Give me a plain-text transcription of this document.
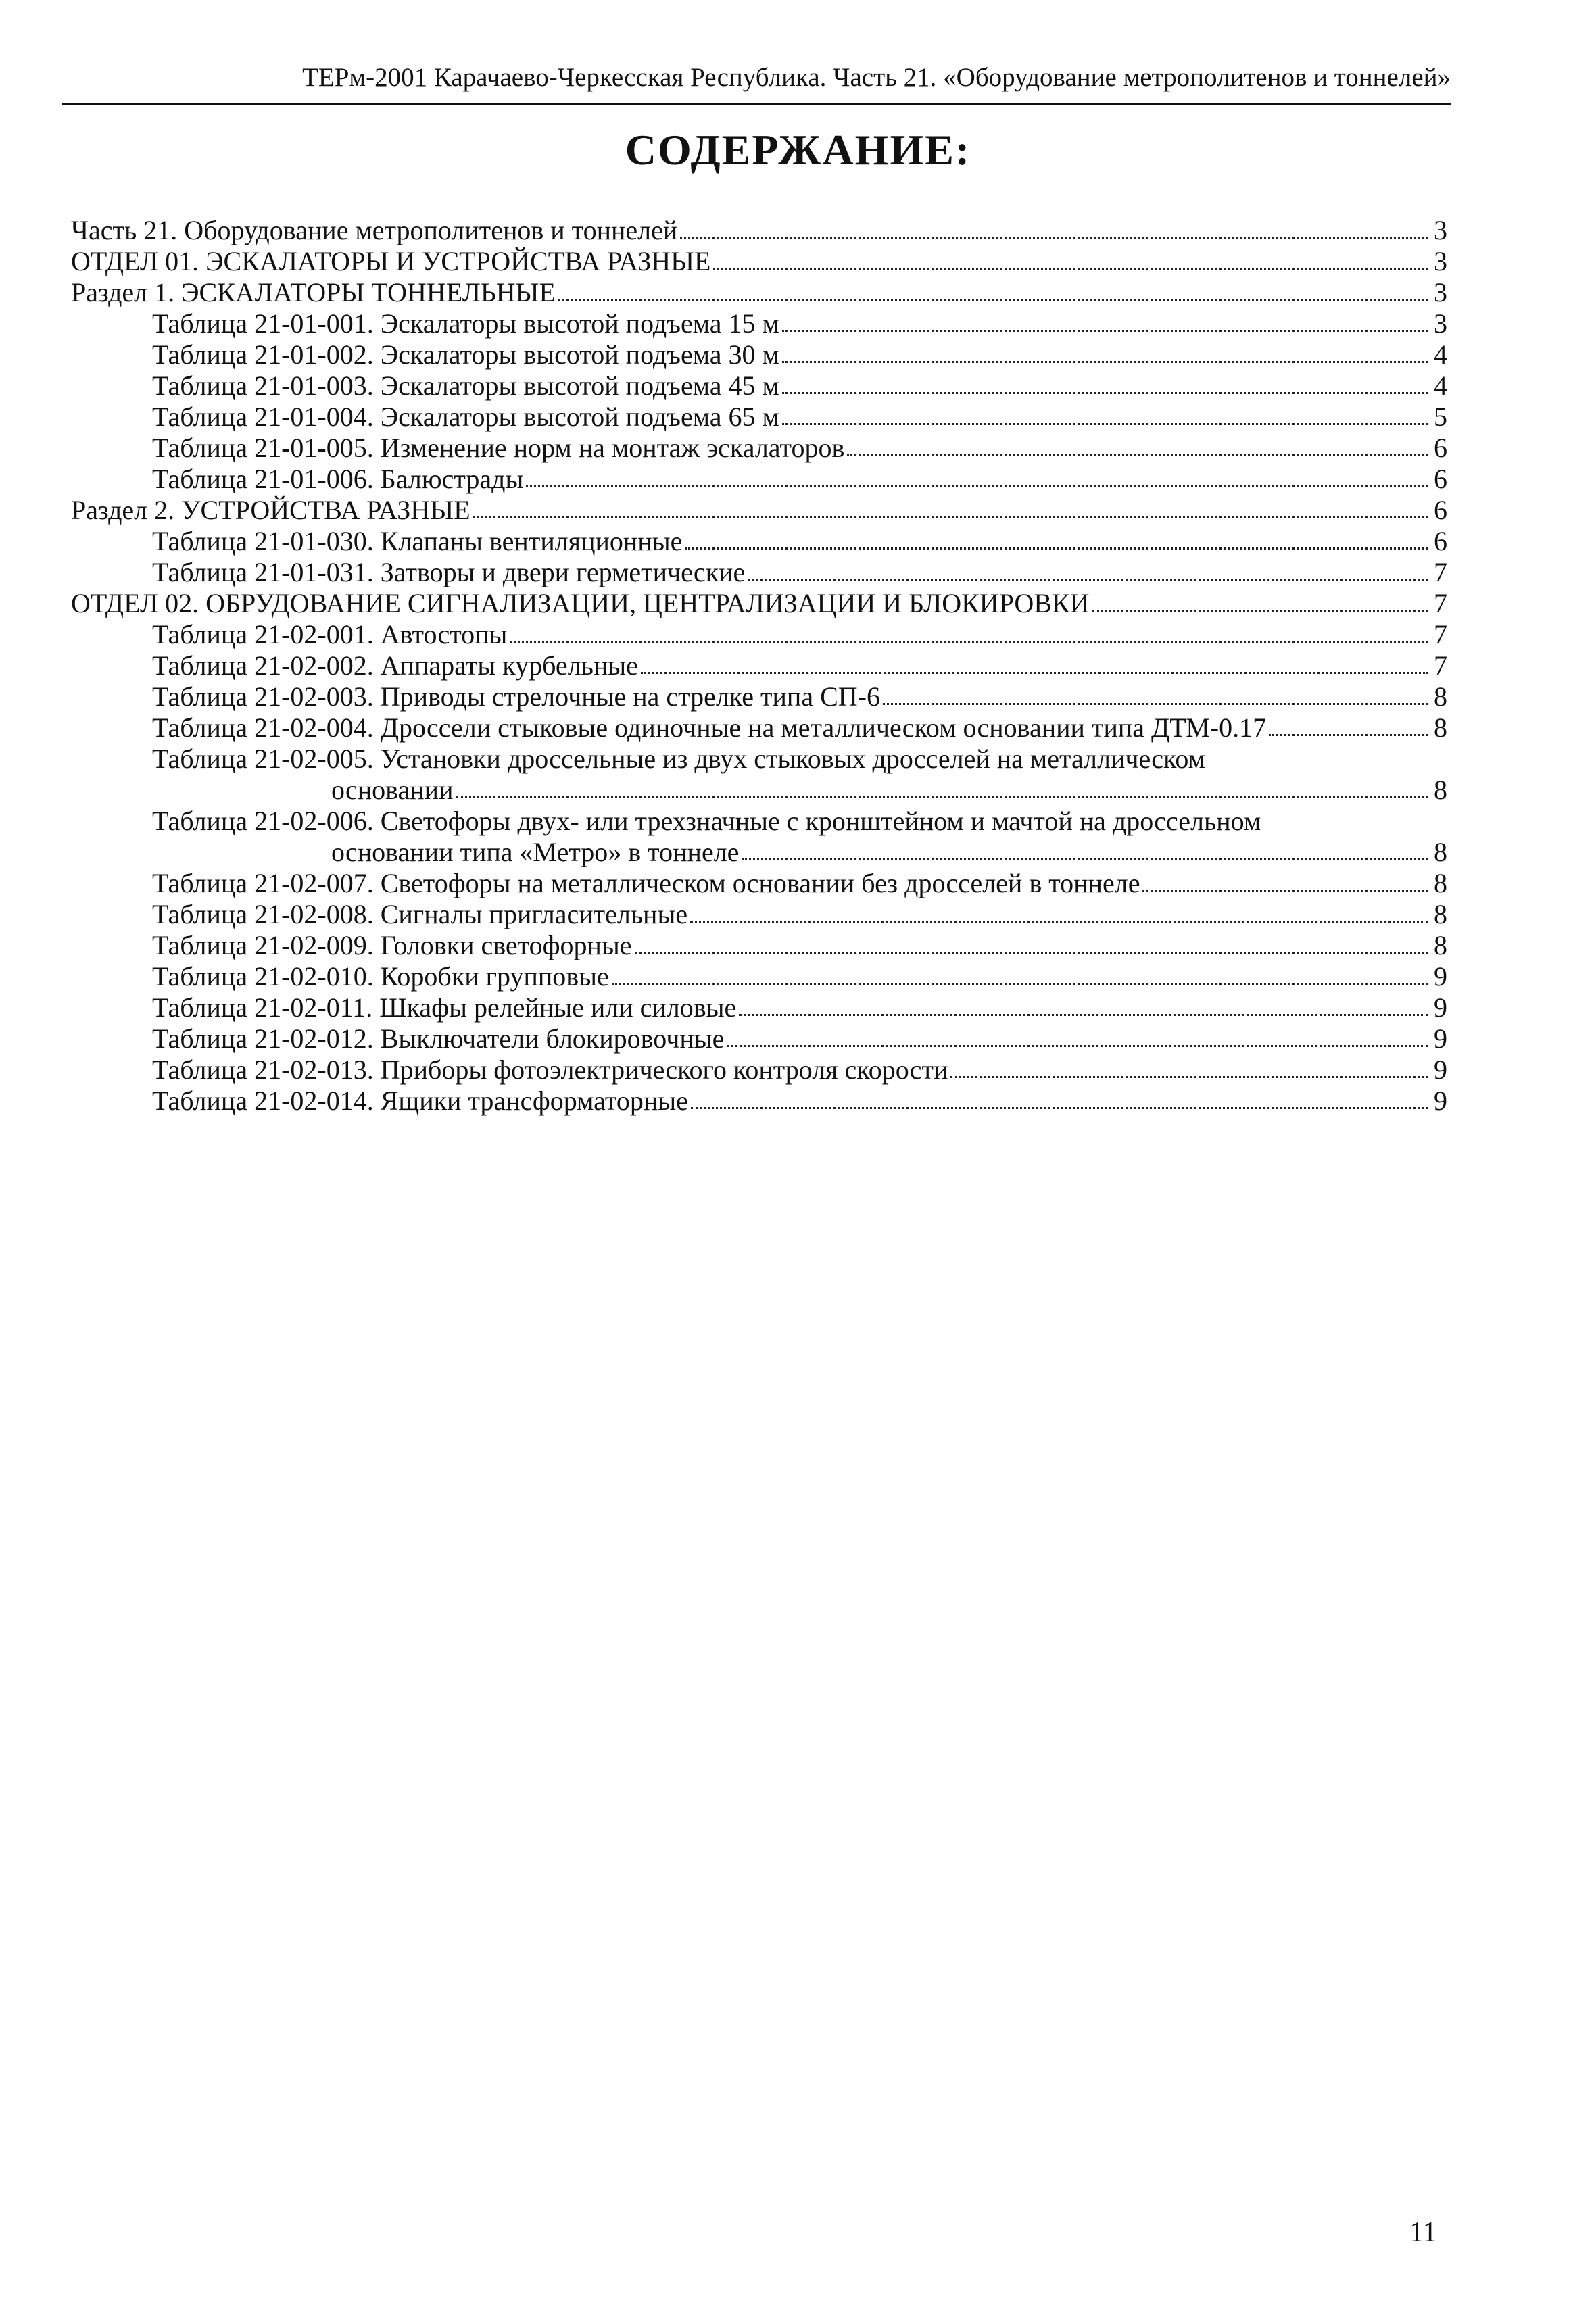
ТЕРм-2001 Карачаево-Черкесская Республика. Часть 21. «Оборудование метрополитенов и тоннелей»
СОДЕРЖАНИЕ:
Часть 21. Оборудование метрополитенов и тоннелей	3
ОТДЕЛ 01. ЭСКАЛАТОРЫ И УСТРОЙСТВА РАЗНЫЕ	3
Раздел 1. ЭСКАЛАТОРЫ ТОННЕЛЬНЫЕ	3
Таблица 21-01-001. Эскалаторы высотой подъема 15 м	3
Таблица 21-01-002. Эскалаторы высотой подъема 30 м	4
Таблица 21-01-003. Эскалаторы высотой подъема 45 м	4
Таблица 21-01-004. Эскалаторы высотой подъема 65 м	5
Таблица 21-01-005. Изменение норм на монтаж эскалаторов	6
Таблица 21-01-006. Балюстрады	6
Раздел 2. УСТРОЙСТВА РАЗНЫЕ	6
Таблица 21-01-030. Клапаны вентиляционные	6
Таблица 21-01-031. Затворы и двери герметические	7
ОТДЕЛ 02. ОБРУДОВАНИЕ СИГНАЛИЗАЦИИ, ЦЕНТРАЛИЗАЦИИ И БЛОКИРОВКИ	7
Таблица 21-02-001. Автостопы	7
Таблица 21-02-002. Аппараты курбельные	7
Таблица 21-02-003. Приводы стрелочные на стрелке типа СП-6	8
Таблица 21-02-004. Дроссели стыковые одиночные на металлическом основании типа ДТМ-0.17	8
Таблица 21-02-005. Установки дроссельные из двух стыковых дросселей на металлическом
основании	8
Таблица 21-02-006. Светофоры двух- или трехзначные с кронштейном и мачтой на дроссельном
основании типа «Метро» в тоннеле	8
Таблица 21-02-007. Светофоры на металлическом основании без дросселей в тоннеле	8
Таблица 21-02-008. Сигналы пригласительные	8
Таблица 21-02-009. Головки светофорные	8
Таблица 21-02-010. Коробки групповые	9
Таблица 21-02-011. Шкафы релейные или силовые	9
Таблица 21-02-012. Выключатели блокировочные	9
Таблица 21-02-013. Приборы фотоэлектрического контроля скорости	9
Таблица 21-02-014. Ящики трансформаторные	9
11
